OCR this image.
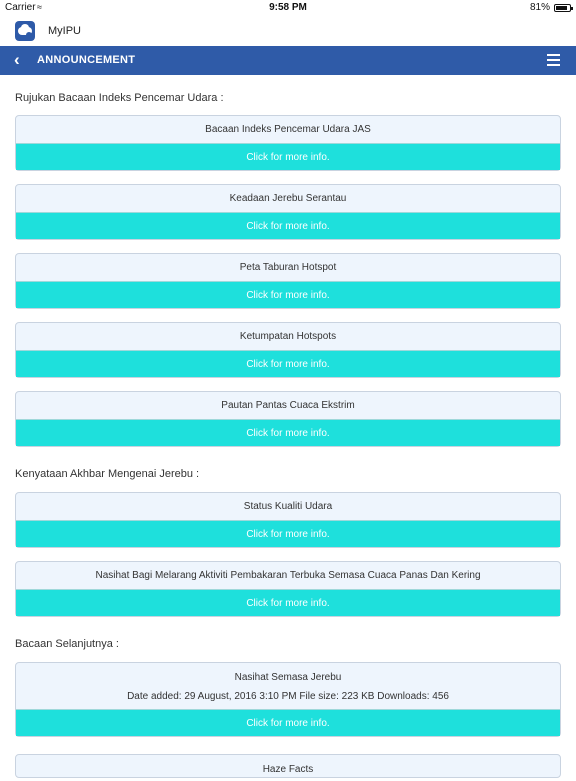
Carrier ≈	9:58 PM	81%
MyIPU
‹ ANNOUNCEMENT
Rujukan Bacaan Indeks Pencemar Udara :
Bacaan Indeks Pencemar Udara JAS
Click for more info.
Keadaan Jerebu Serantau
Click for more info.
Peta Taburan Hotspot
Click for more info.
Ketumpatan Hotspots
Click for more info.
Pautan Pantas Cuaca Ekstrim
Click for more info.
Kenyataan Akhbar Mengenai Jerebu :
Status Kualiti Udara
Click for more info.
Nasihat Bagi Melarang Aktiviti Pembakaran Terbuka Semasa Cuaca Panas Dan Kering
Click for more info.
Bacaan Selanjutnya :
Nasihat Semasa Jerebu
Date added: 29 August, 2016 3:10 PM File size: 223 KB Downloads: 456
Click for more info.
Haze Facts
